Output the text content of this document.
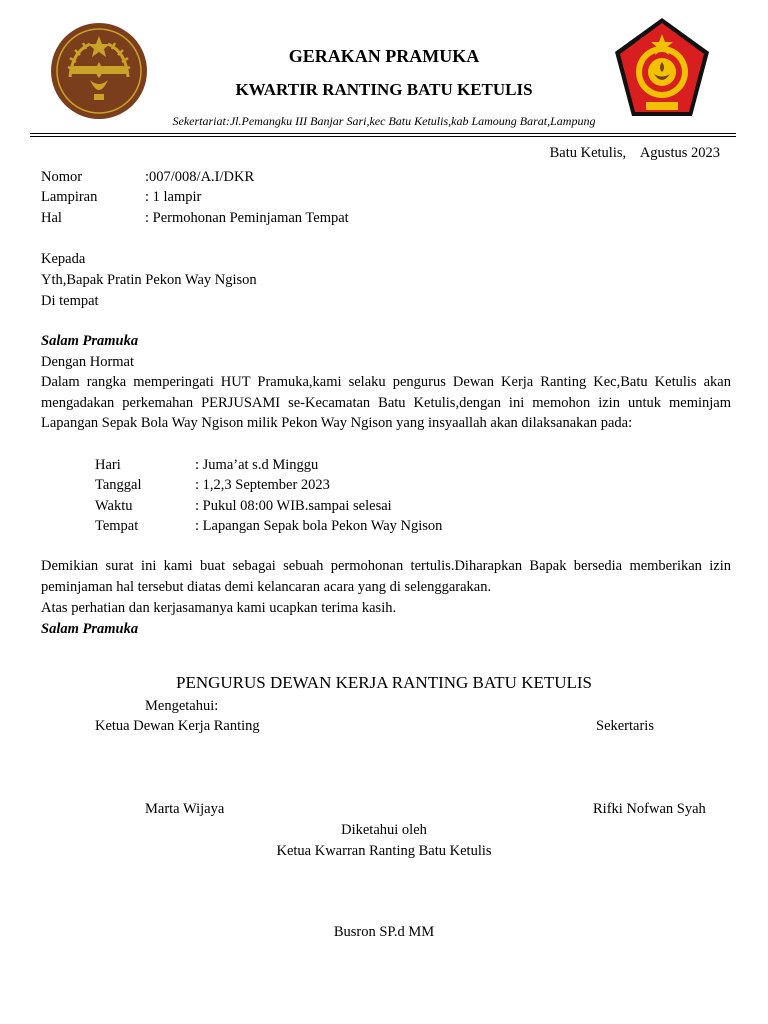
GERAKAN PRAMUKA
KWARTIR RANTING BATU KETULIS
Sekertariat:Jl.Pemangku III Banjar Sari,kec Batu Ketulis,kab Lamoung Barat,Lampung
Batu Ketulis,    Agustus 2023
Nomor	:007/008/A.I/DKR
Lampiran	: 1 lampir
Hal	: Permohonan Peminjaman Tempat
Kepada
Yth,Bapak Pratin Pekon Way Ngison
Di tempat
Salam Pramuka
Dengan Hormat
Dalam rangka memperingati HUT Pramuka,kami selaku pengurus Dewan Kerja Ranting Kec,Batu Ketulis akan mengadakan perkemahan PERJUSAMI se-Kecamatan Batu Ketulis,dengan ini memohon izin untuk meminjam Lapangan Sepak Bola Way Ngison milik Pekon Way Ngison yang insyaallah akan dilaksanakan pada:
Hari	: Juma’at s.d Minggu
Tanggal	: 1,2,3 September 2023
Waktu	: Pukul 08:00 WIB.sampai selesai
Tempat	: Lapangan Sepak bola Pekon Way Ngison
Demikian surat ini kami buat sebagai sebuah permohonan tertulis.Diharapkan Bapak bersedia memberikan izin peminjaman hal tersebut diatas demi kelancaran acara yang di selenggarakan.
Atas perhatian dan kerjasamanya kami ucapkan terima kasih.
Salam Pramuka
PENGURUS DEWAN KERJA RANTING BATU KETULIS
Mengetahui:
Ketua Dewan Kerja Ranting	Sekertaris
Marta Wijaya	Rifki Nofwan Syah
Diketahui oleh
Ketua Kwarran Ranting Batu Ketulis
Busron SP.d MM
